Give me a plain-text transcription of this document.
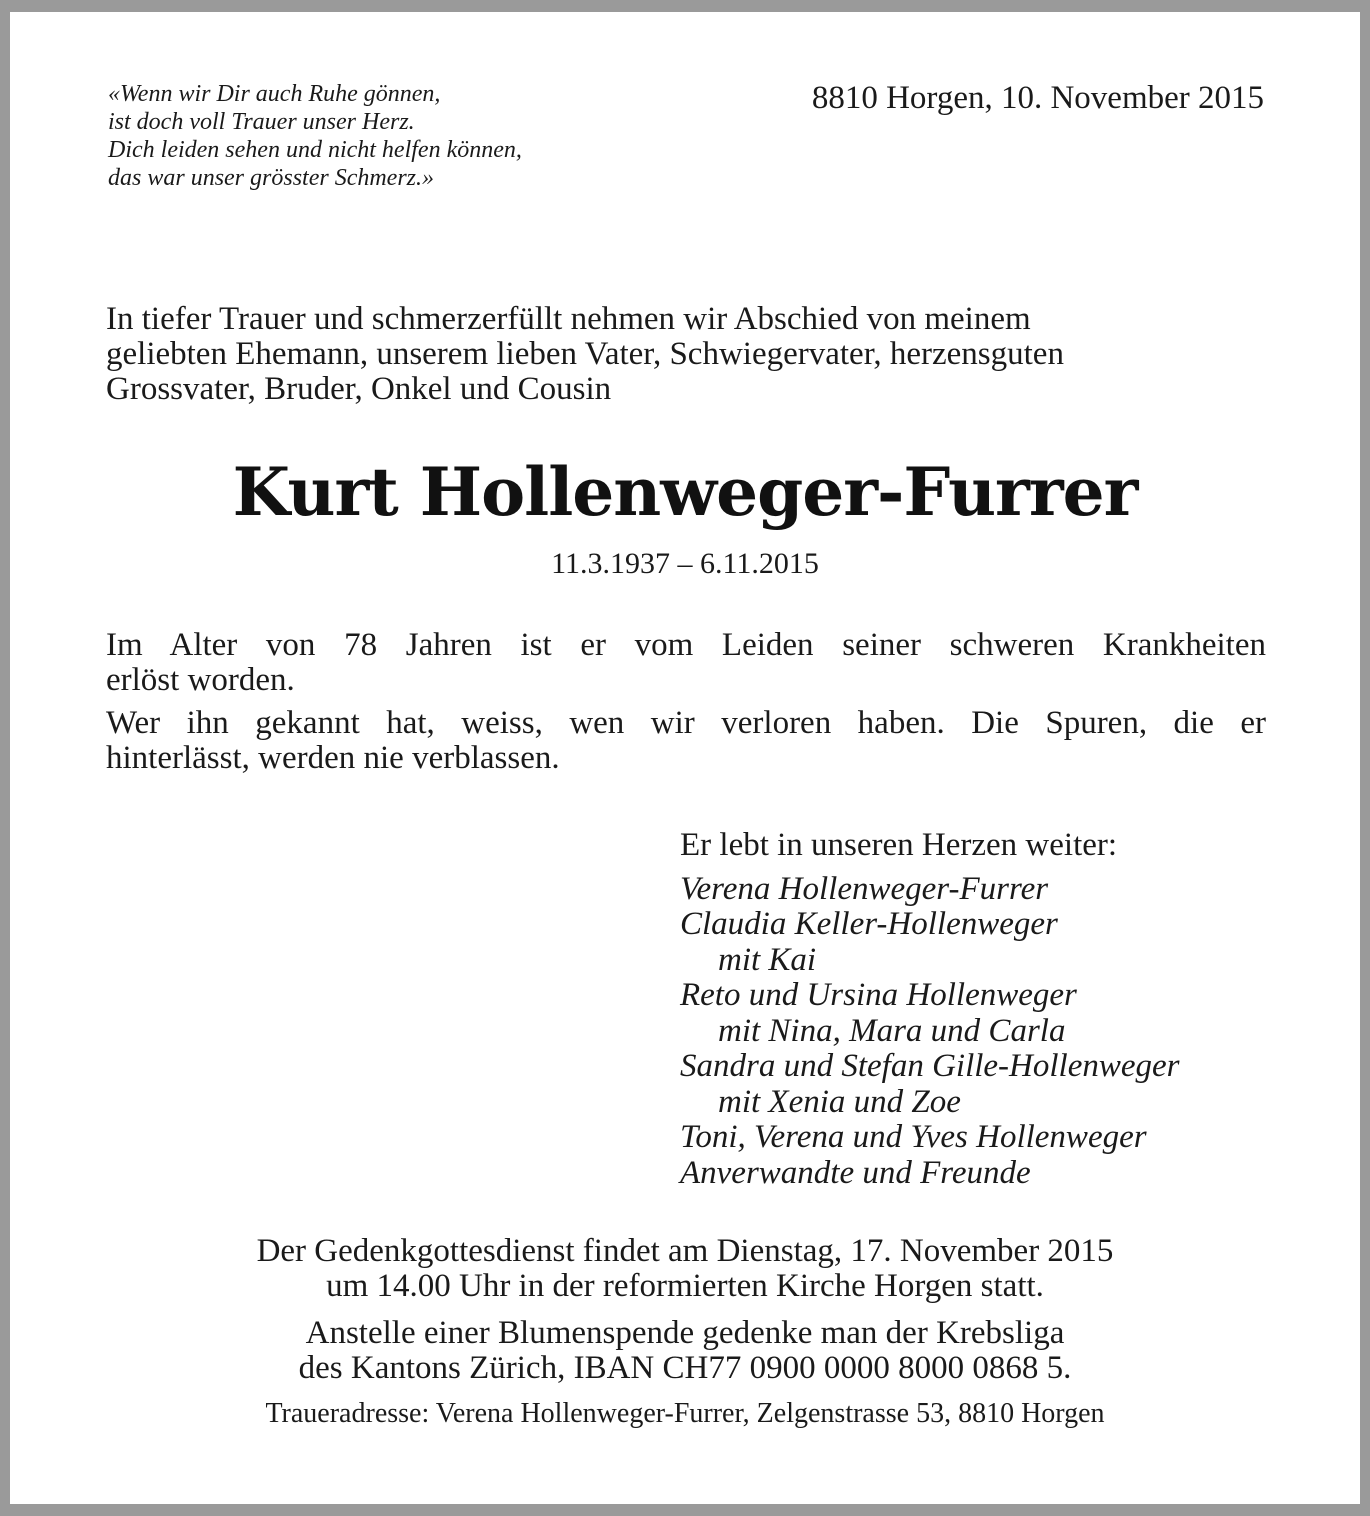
«Wenn wir Dir auch Ruhe gönnen,
ist doch voll Trauer unser Herz.
Dich leiden sehen und nicht helfen können,
das war unser grösster Schmerz.»
8810 Horgen, 10. November 2015
In tiefer Trauer und schmerzerfüllt nehmen wir Abschied von meinem
geliebten Ehemann, unserem lieben Vater, Schwiegervater, herzensguten
Grossvater, Bruder, Onkel und Cousin
Kurt Hollenweger-Furrer
11.3.1937 – 6.11.2015
Im Alter von 78 Jahren ist er vom Leiden seiner schweren Krankheiten
erlöst worden.
Wer ihn gekannt hat, weiss, wen wir verloren haben. Die Spuren, die er
hinterlässt, werden nie verblassen.
Er lebt in unseren Herzen weiter:
Verena Hollenweger-Furrer
Claudia Keller-Hollenweger
mit Kai
Reto und Ursina Hollenweger
mit Nina, Mara und Carla
Sandra und Stefan Gille-Hollenweger
mit Xenia und Zoe
Toni, Verena und Yves Hollenweger
Anverwandte und Freunde
Der Gedenkgottesdienst findet am Dienstag, 17. November 2015
um 14.00 Uhr in der reformierten Kirche Horgen statt.
Anstelle einer Blumenspende gedenke man der Krebsliga
des Kantons Zürich, IBAN CH77 0900 0000 8000 0868 5.
Traueradresse: Verena Hollenweger-Furrer, Zelgenstrasse 53, 8810 Horgen
